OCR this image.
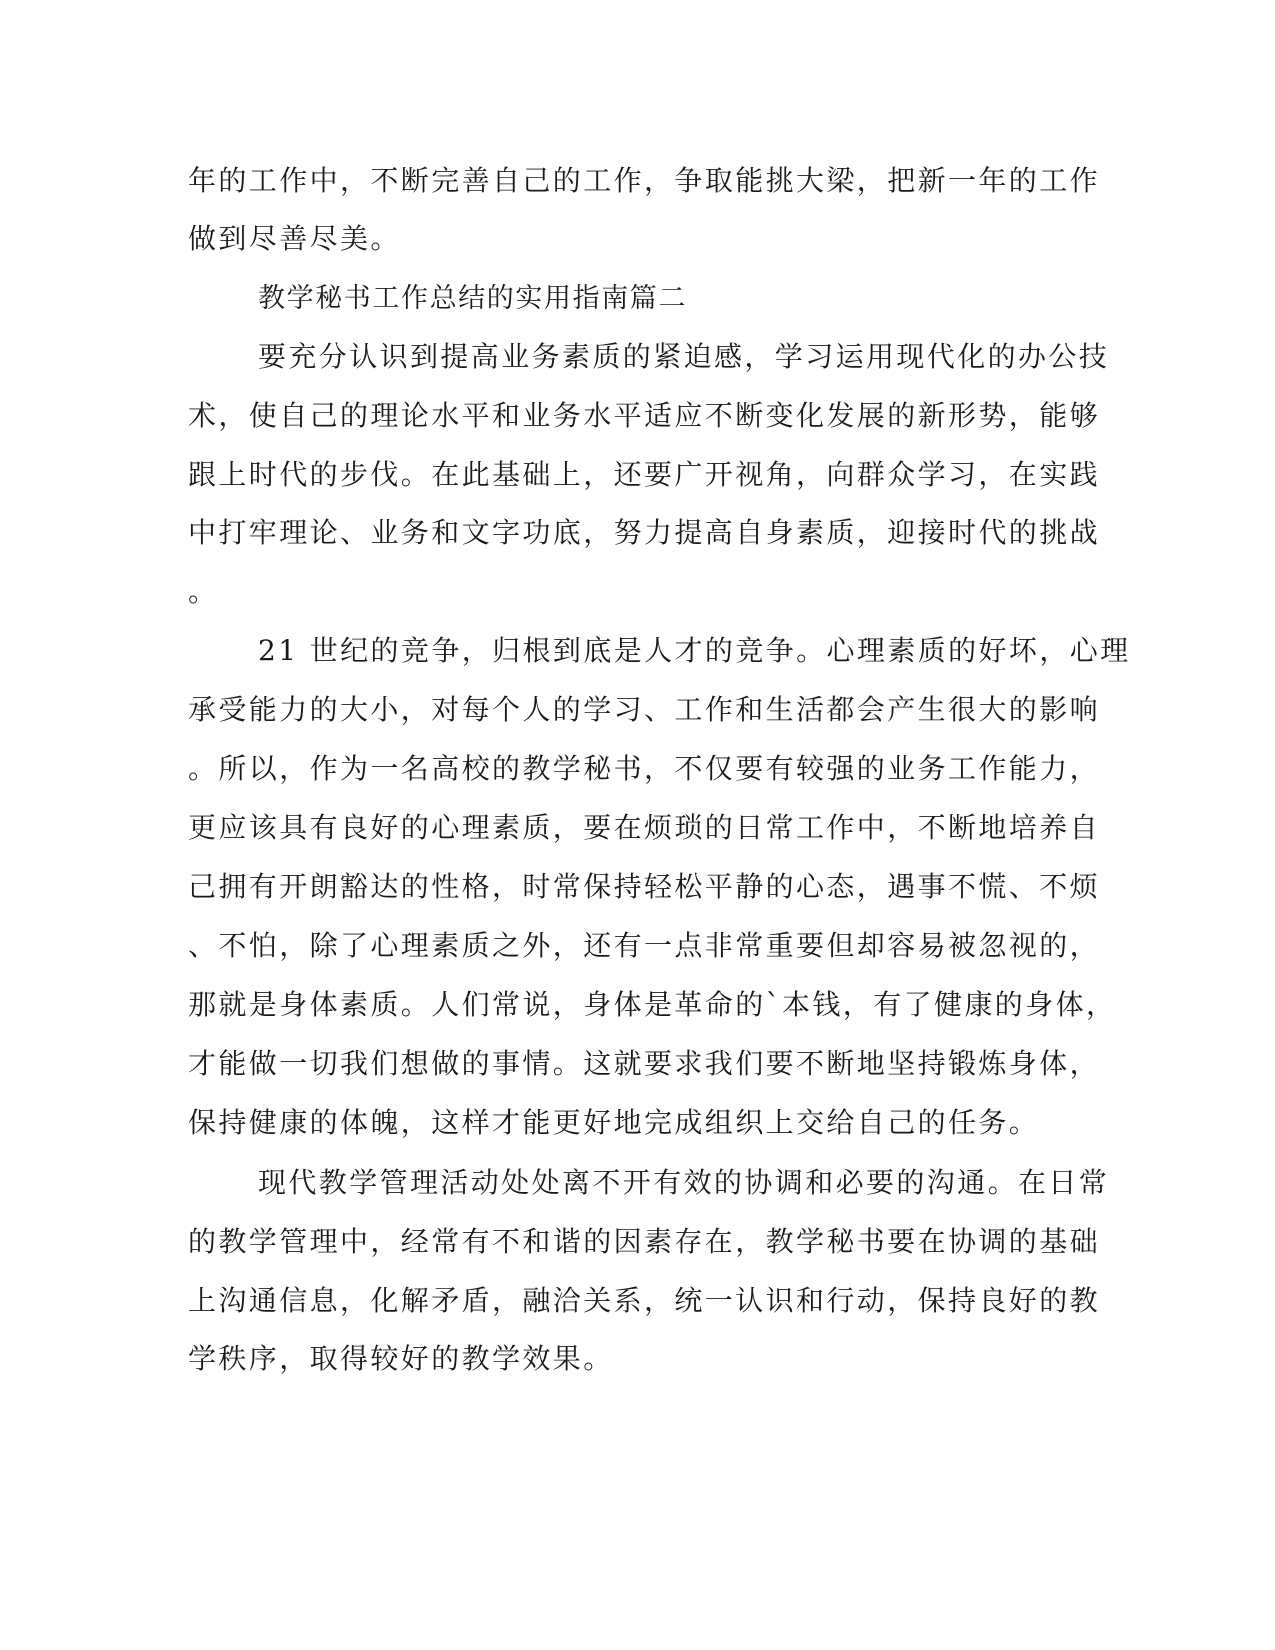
年的工作中，不断完善自己的工作，争取能挑大梁，把新一年的工作

做到尽善尽美。

教学秘书工作总结的实用指南篇二

要充分认识到提高业务素质的紧迫感，学习运用现代化的办公技

术，使自己的理论水平和业务水平适应不断变化发展的新形势，能够

跟上时代的步伐。在此基础上，还要广开视角，向群众学习，在实践

中打牢理论、业务和文字功底，努力提高自身素质，迎接时代的挑战

。

21 世纪的竞争，归根到底是人才的竞争。心理素质的好坏，心理

承受能力的大小，对每个人的学习、工作和生活都会产生很大的影响

。所以，作为一名高校的教学秘书，不仅要有较强的业务工作能力，

更应该具有良好的心理素质，要在烦琐的日常工作中，不断地培养自

己拥有开朗豁达的性格，时常保持轻松平静的心态，遇事不慌、不烦

、不怕，除了心理素质之外，还有一点非常重要但却容易被忽视的，

那就是身体素质。人们常说，身体是革命的`本钱，有了健康的身体，

才能做一切我们想做的事情。这就要求我们要不断地坚持锻炼身体，

保持健康的体魄，这样才能更好地完成组织上交给自己的任务。

现代教学管理活动处处离不开有效的协调和必要的沟通。在日常

的教学管理中，经常有不和谐的因素存在，教学秘书要在协调的基础

上沟通信息，化解矛盾，融洽关系，统一认识和行动，保持良好的教

学秩序，取得较好的教学效果。
